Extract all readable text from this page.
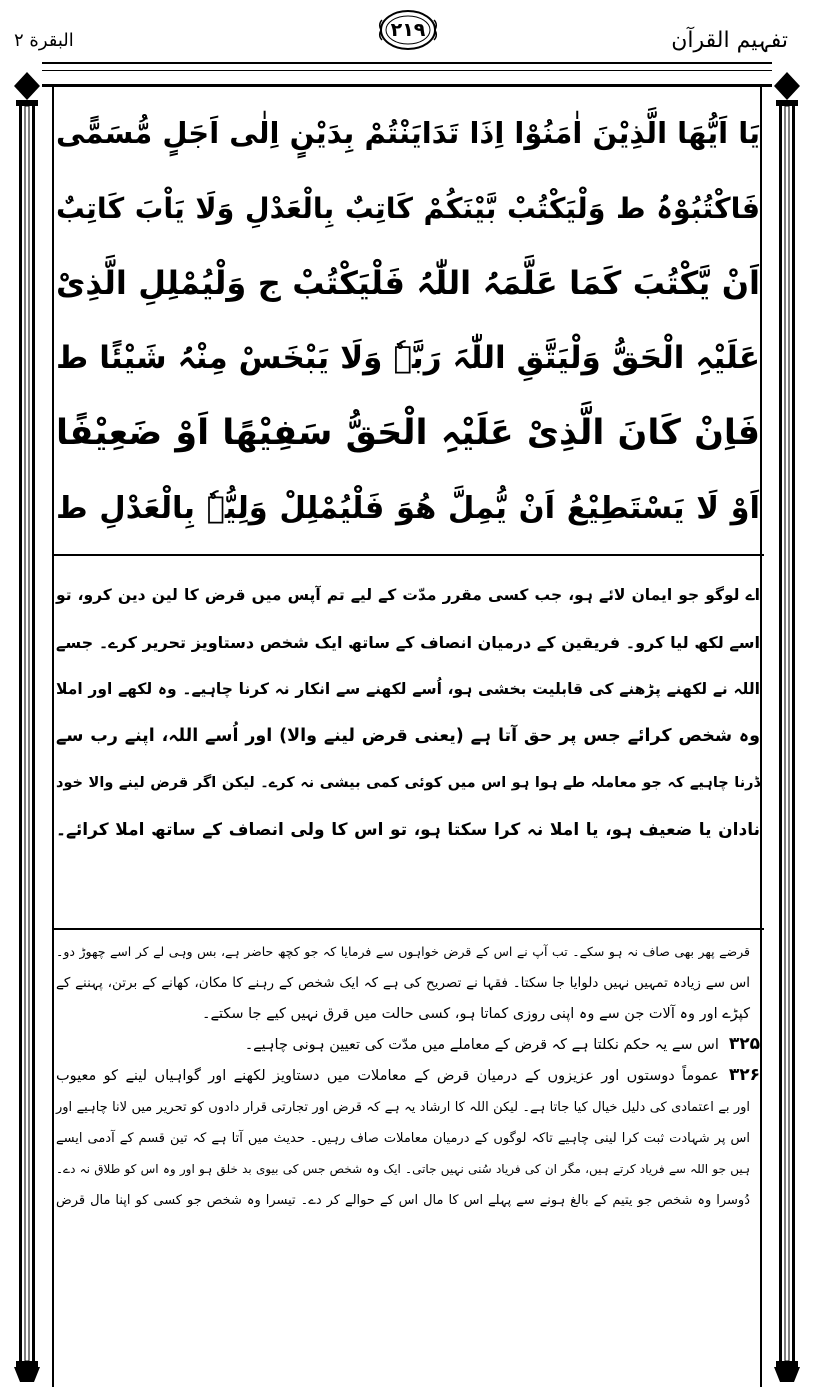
تفہیم القرآن
۲۱۹
البقرة ۲
یَا اَیُّھَا الَّذِیْنَ اٰمَنُوْا اِذَا تَدَایَنْتُمْ بِدَیْنٍ اِلٰی اَجَلٍ مُّسَمًّی
فَاکْتُبُوْہُ ط وَلْیَکْتُبْ بَّیْنَکُمْ کَاتِبٌ بِالْعَدْلِ وَلَا یَاْبَ کَاتِبٌ
اَنْ یَّکْتُبَ کَمَا عَلَّمَہُ اللّٰہُ فَلْیَکْتُبْ ج وَلْیُمْلِلِ الَّذِیْ
عَلَیْہِ الْحَقُّ وَلْیَتَّقِ اللّٰہَ رَبَّہٗ وَلَا یَبْخَسْ مِنْہُ شَیْئًا ط
فَاِنْ کَانَ الَّذِیْ عَلَیْہِ الْحَقُّ سَفِیْھًا اَوْ ضَعِیْفًا
اَوْ لَا یَسْتَطِیْعُ اَنْ یُّمِلَّ ھُوَ فَلْیُمْلِلْ وَلِیُّہٗ بِالْعَدْلِ ط
اے لوگو جو ایمان لائے ہو، جب کسی مقرر مدّت کے لیے تم آپس میں قرض کا لین دین کرو، تو
اسے لکھ لیا کرو۔ فریقین کے درمیان انصاف کے ساتھ ایک شخص دستاویز تحریر کرے۔ جسے
اللہ نے لکھنے پڑھنے کی قابلیت بخشی ہو، اُسے لکھنے سے انکار نہ کرنا چاہیے۔ وہ لکھے اور املا
وہ شخص کرائے جس پر حق آتا ہے (یعنی قرض لینے والا) اور اُسے اللہ، اپنے رب سے
ڈرنا چاہیے کہ جو معاملہ طے ہوا ہو اس میں کوئی کمی بیشی نہ کرے۔ لیکن اگر قرض لینے والا خود
نادان یا ضعیف ہو، یا املا نہ کرا سکتا ہو، تو اس کا ولی انصاف کے ساتھ املا کرائے۔
قرضے پھر بھی صاف نہ ہو سکے۔ تب آپ نے اس کے قرض خواہوں سے فرمایا کہ جو کچھ حاضر ہے، بس وہی لے کر اسے چھوڑ دو۔
اس سے زیادہ تمہیں نہیں دلوایا جا سکتا۔ فقہا نے تصریح کی ہے کہ ایک شخص کے رہنے کا مکان، کھانے کے برتن، پہننے کے
کپڑے اور وہ آلات جن سے وہ اپنی روزی کماتا ہو، کسی حالت میں قرق نہیں کیے جا سکتے۔
۳۲۵اس سے یہ حکم نکلتا ہے کہ قرض کے معاملے میں مدّت کی تعیین ہونی چاہیے۔
۳۲۶عموماً دوستوں اور عزیزوں کے درمیان قرض کے معاملات میں دستاویز لکھنے اور گواہیاں لینے کو معیوب
اور بے اعتمادی کی دلیل خیال کیا جاتا ہے۔ لیکن اللہ کا ارشاد یہ ہے کہ قرض اور تجارتی قرار دادوں کو تحریر میں لانا چاہیے اور
اس پر شہادت ثبت کرا لینی چاہیے تاکہ لوگوں کے درمیان معاملات صاف رہیں۔ حدیث میں آتا ہے کہ تین قسم کے آدمی ایسے
ہیں جو اللہ سے فریاد کرتے ہیں، مگر ان کی فریاد سُنی نہیں جاتی۔ ایک وہ شخص جس کی بیوی بد خلق ہو اور وہ اس کو طلاق نہ دے۔
دُوسرا وہ شخص جو یتیم کے بالغ ہونے سے پہلے اس کا مال اس کے حوالے کر دے۔ تیسرا وہ شخص جو کسی کو اپنا مال قرض
